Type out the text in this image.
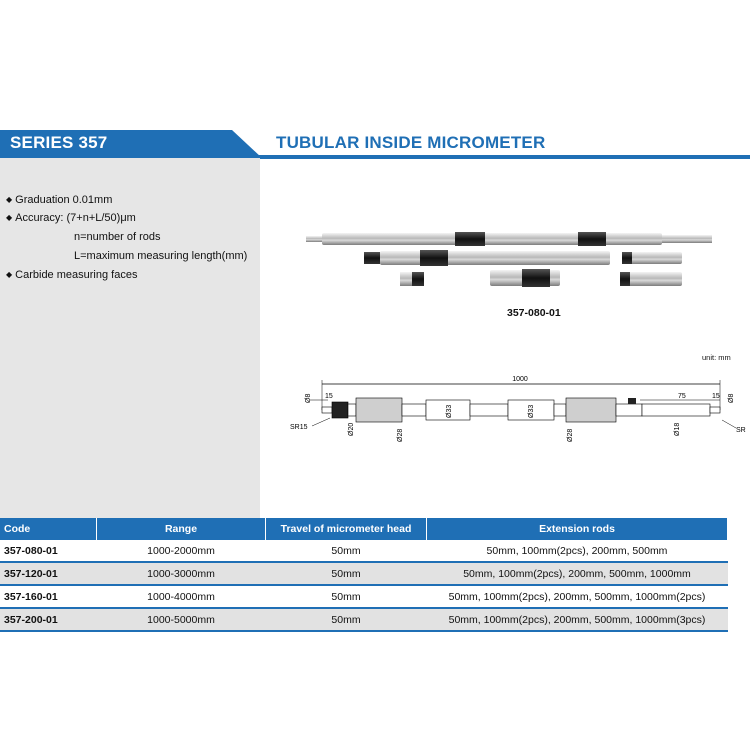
SERIES 357	TUBULAR INSIDE MICROMETER
◆ Graduation 0.01mm
◆ Accuracy: (7+n+L/50)μm
n=number of rods
L=maximum measuring length(mm)
◆ Carbide measuring faces
357-080-01
unit: mm
1000
15	75	15
Ø8	Ø8
SR15	SR
Ø20	Ø28
Ø33	Ø33
Ø28	Ø18
Code	Range	Travel of micrometer head	Extension rods
357-080-01	1000-2000mm	50mm	50mm, 100mm(2pcs), 200mm, 500mm
357-120-01	1000-3000mm	50mm	50mm, 100mm(2pcs), 200mm, 500mm, 1000mm
357-160-01	1000-4000mm	50mm	50mm, 100mm(2pcs), 200mm, 500mm, 1000mm(2pcs)
357-200-01	1000-5000mm	50mm	50mm, 100mm(2pcs), 200mm, 500mm, 1000mm(3pcs)
